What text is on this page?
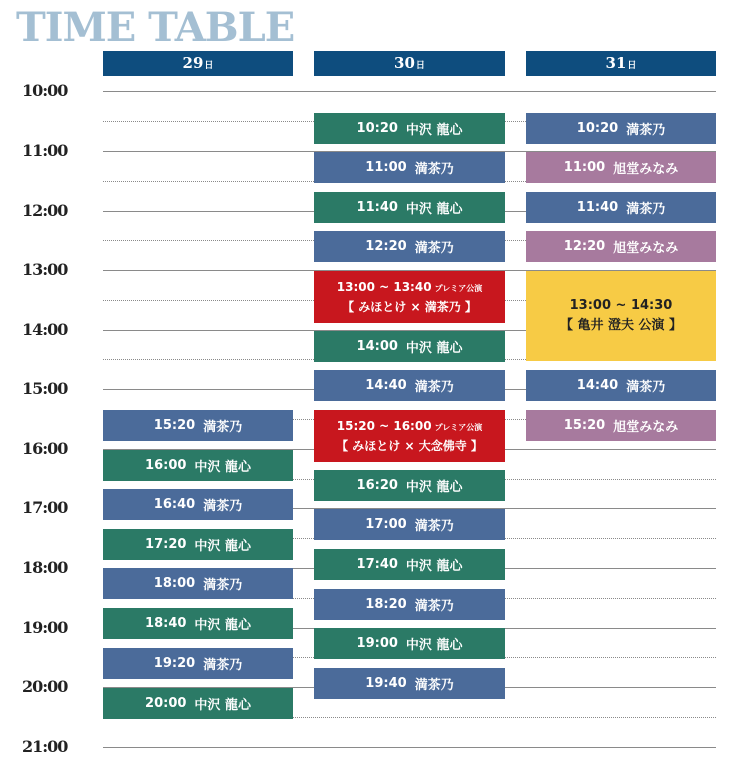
TIME TABLE
29日	30日	31日
10:00
11:00
12:00
13:00
14:00
15:00
16:00
17:00
18:00
19:00
20:00
21:00
15:20 満茶乃
16:00 中沢 龍心
16:40 満茶乃
17:20 中沢 龍心
18:00 満茶乃
18:40 中沢 龍心
19:20 満茶乃
20:00 中沢 龍心
10:20 中沢 龍心
11:00 満茶乃
11:40 中沢 龍心
12:20 満茶乃
13:00 ~ 13:40 プレミア公演
【 みほとけ × 満茶乃 】
14:00 中沢 龍心
14:40 満茶乃
15:20 ~ 16:00 プレミア公演
【 みほとけ × 大念佛寺 】
16:20 中沢 龍心
17:00 満茶乃
17:40 中沢 龍心
18:20 満茶乃
19:00 中沢 龍心
19:40 満茶乃
10:20 満茶乃
11:00 旭堂みなみ
11:40 満茶乃
12:20 旭堂みなみ
13:00 ~ 14:30
【 亀井 澄夫 公演 】
14:40 満茶乃
15:20 旭堂みなみ
